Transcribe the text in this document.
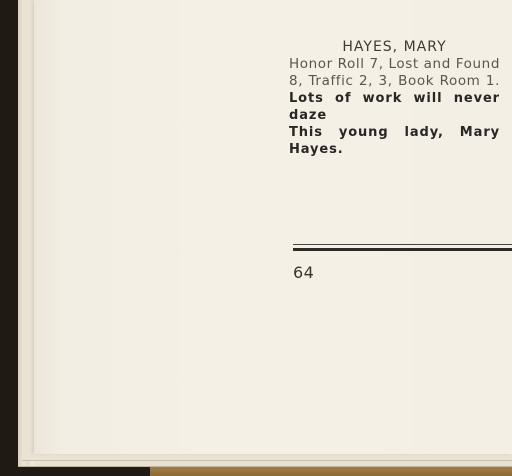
HAYES, MARY
Honor Roll 7, Lost and Found
8, Traffic 2, 3, Book Room 1.
Lots of work will never daze
This young lady, Mary Hayes.
64
